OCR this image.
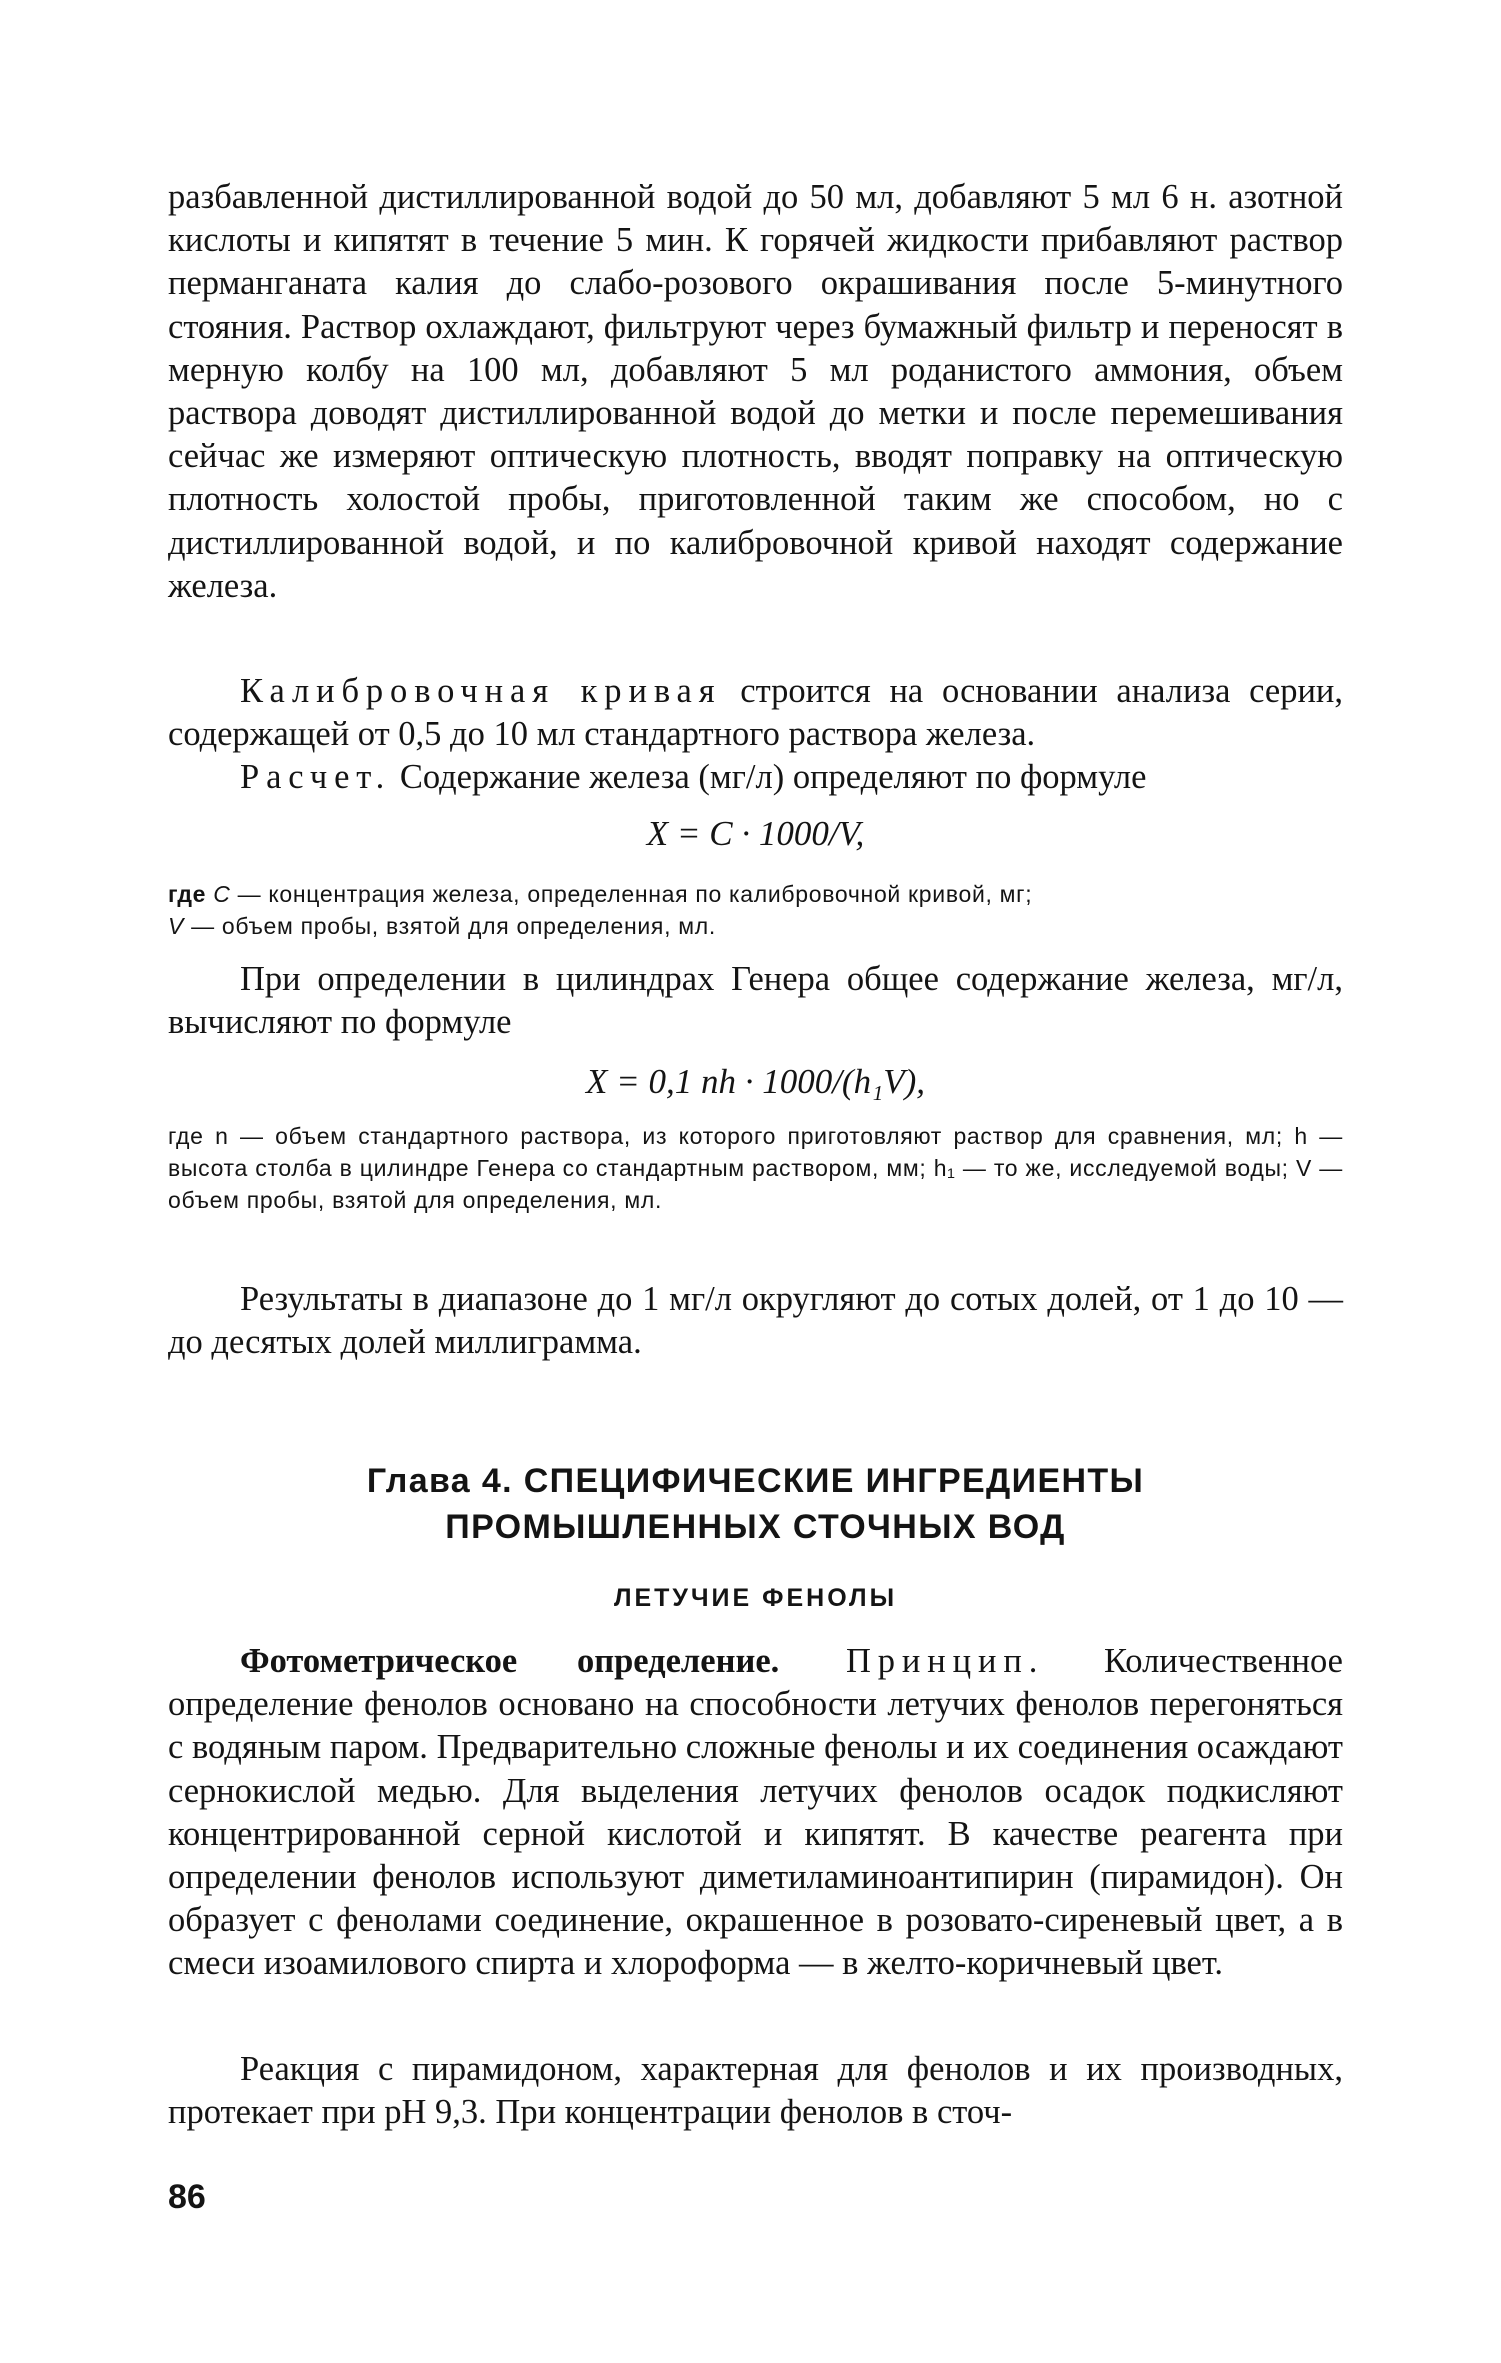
разбавленной дистиллированной водой до 50 мл, добавляют 5 мл 6 н. азотной кислоты и кипятят в течение 5 мин. К горячей жидкости прибавляют раствор перманганата калия до слабо-розового окрашивания после 5-минутного стояния. Раствор охлаждают, фильтруют через бумажный фильтр и переносят в мерную колбу на 100 мл, добавляют 5 мл роданистого аммония, объем раствора доводят дистиллированной водой до метки и после перемешивания сейчас же измеряют оптическую плотность, вводят поправку на оптическую плотность холостой пробы, приготовленной таким же способом, но с дистиллированной водой, и по калибровочной кривой находят содержание железа.

Калибровочная кривая строится на основании анализа серии, содержащей от 0,5 до 10 мл стандартного раствора железа.

Расчет. Содержание железа (мг/л) определяют по формуле

X = C · 1000/V,

где C — концентрация железа, определенная по калибровочной кривой, мг;
V — объем пробы, взятой для определения, мл.

При определении в цилиндрах Генера общее содержание железа, мг/л, вычисляют по формуле

X = 0,1 nh · 1000/(h₁V),

где n — объем стандартного раствора, из которого приготовляют раствор для сравнения, мл; h — высота столба в цилиндре Генера со стандартным раствором, мм; h₁ — то же, исследуемой воды; V — объем пробы, взятой для определения, мл.

Результаты в диапазоне до 1 мг/л округляют до сотых долей, от 1 до 10 — до десятых долей миллиграмма.

Глава 4. СПЕЦИФИЧЕСКИЕ ИНГРЕДИЕНТЫ
ПРОМЫШЛЕННЫХ СТОЧНЫХ ВОД
ЛЕТУЧИЕ ФЕНОЛЫ

Фотометрическое определение. Принцип. Количественное определение фенолов основано на способности летучих фенолов перегоняться с водяным паром. Предварительно сложные фенолы и их соединения осаждают сернокислой медью. Для выделения летучих фенолов осадок подкисляют концентрированной серной кислотой и кипятят. В качестве реагента при определении фенолов используют диметиламиноантипирин (пирамидон). Он образует с фенолами соединение, окрашенное в розовато-сиреневый цвет, а в смеси изоамилового спирта и хлороформа — в желто-коричневый цвет.

Реакция с пирамидоном, характерная для фенолов и их производных, протекает при pH 9,3. При концентрации фенолов в сточ-

86
